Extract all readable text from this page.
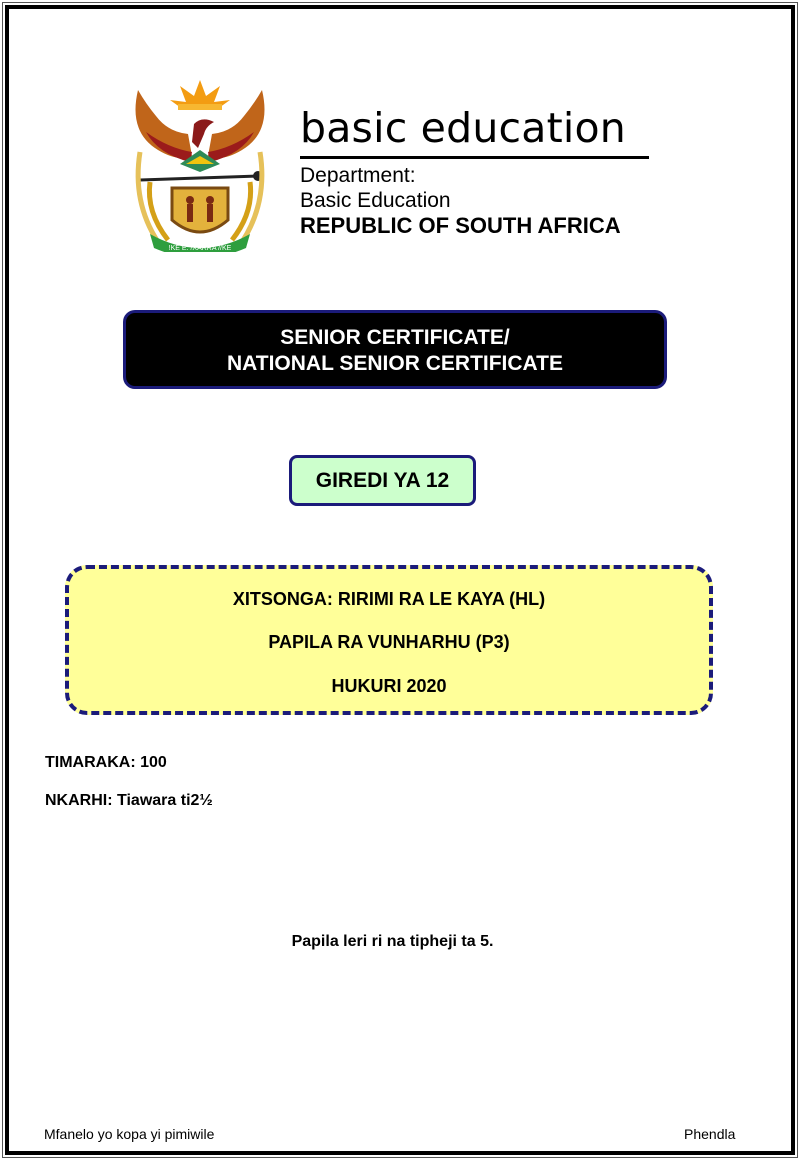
!KE E: /XARRA //KE
basic education
Department:
Basic Education
REPUBLIC OF SOUTH AFRICA
SENIOR CERTIFICATE/
NATIONAL SENIOR CERTIFICATE
GIREDI YA 12
XITSONGA: RIRIMI RA LE KAYA (HL)
PAPILA RA VUNHARHU (P3)
HUKURI 2020
TIMARAKA: 100
NKARHI: Tiawara ti2½
Papila leri ri na tipheji ta 5.
Mfanelo yo kopa yi pimiwile	Phendla
